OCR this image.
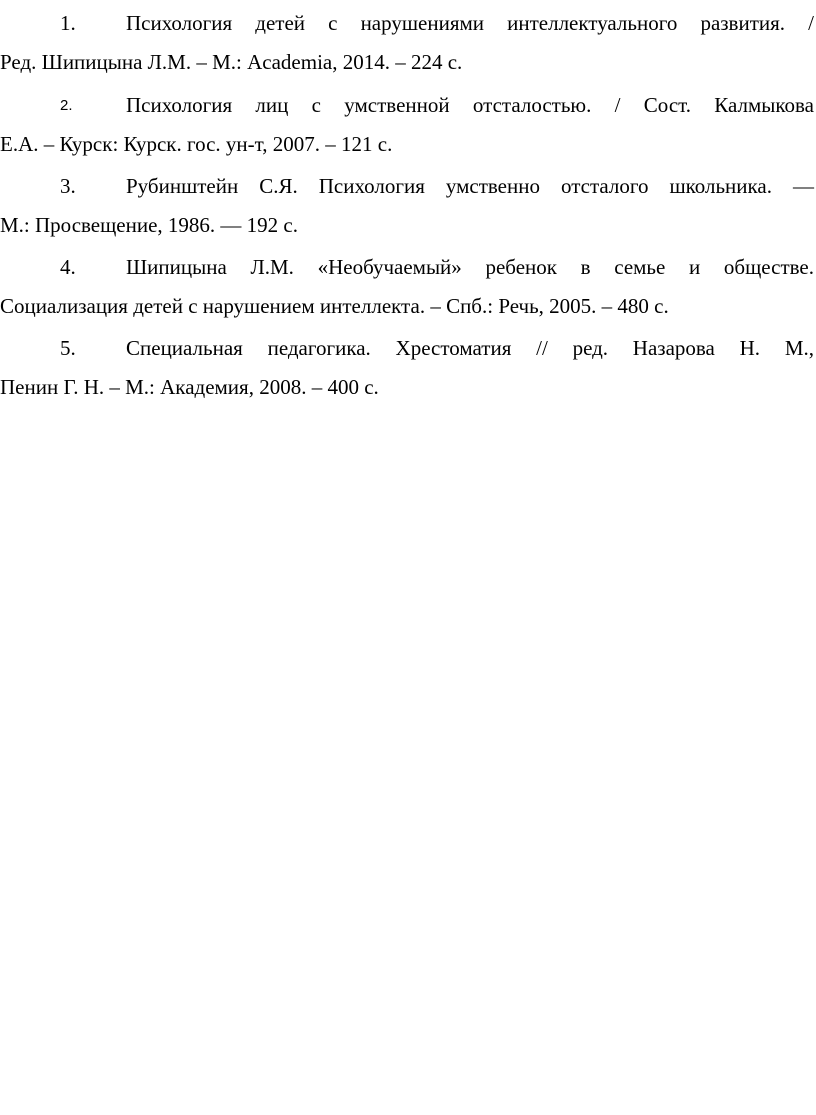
1.	Психология детей с нарушениями интеллектуального развития. /
Ред. Шипицына Л.М. – М.: Academia, 2014. – 224 с.
2.	Психология лиц с умственной отсталостью. / Сост. Калмыкова
Е.А. – Курск: Курск. гос. ун-т, 2007. – 121 с.
3.	Рубинштейн С.Я. Психология умственно отсталого школьника. —
М.: Просвещение, 1986. — 192 с.
4.	Шипицына Л.М. «Необучаемый» ребенок в семье и обществе.
Социализация детей с нарушением интеллекта. – Спб.: Речь, 2005. – 480 с.
5.	Специальная педагогика. Хрестоматия // ред. Назарова Н. М.,
Пенин Г. Н. – М.: Академия, 2008. – 400 с.
